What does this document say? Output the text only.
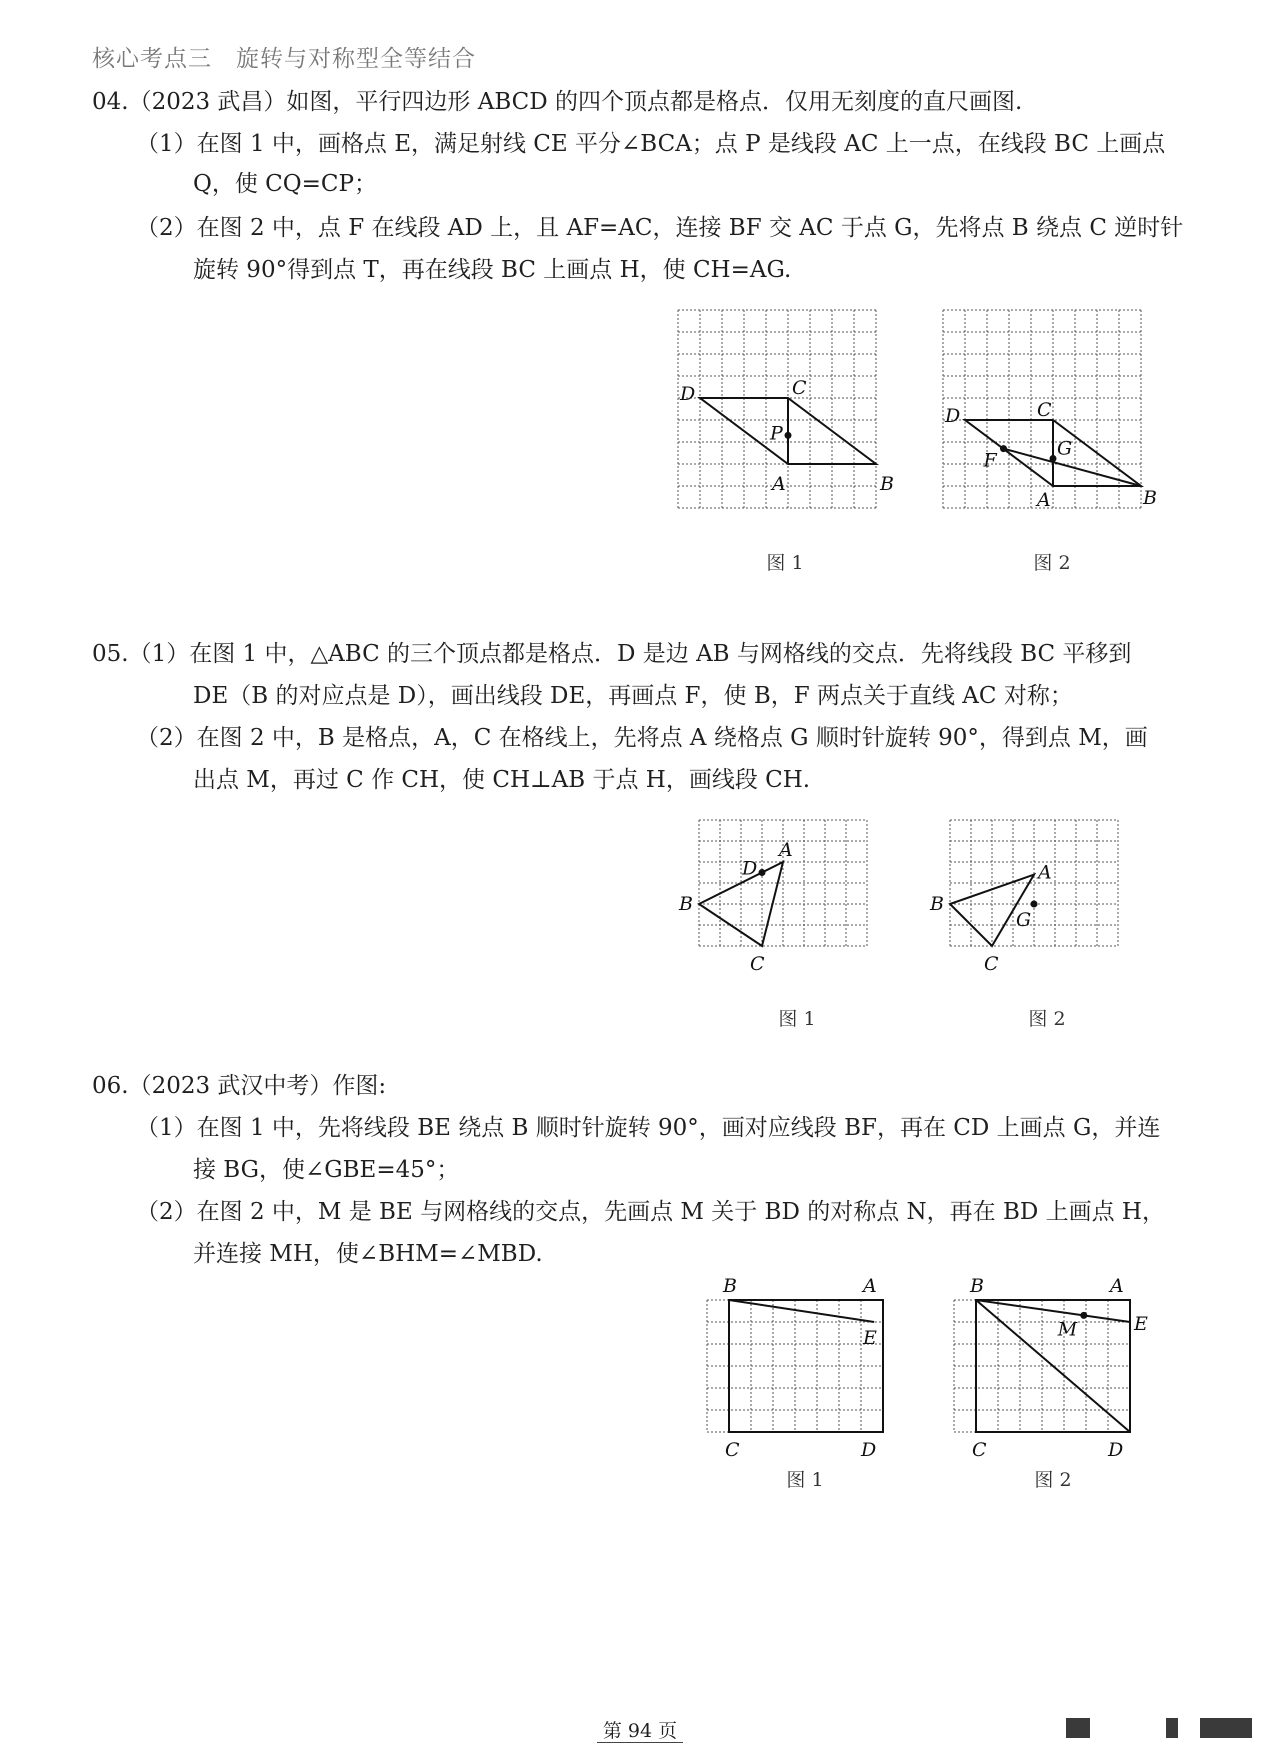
核心考点三　旋转与对称型全等结合
04.（2023 武昌）如图，平行四边形 ABCD 的四个顶点都是格点．仅用无刻度的直尺画图.
（1）在图 1 中，画格点 E，满足射线 CE 平分∠BCA；点 P 是线段 AC 上一点，在线段 BC 上画点
Q，使 CQ=CP；
（2）在图 2 中，点 F 在线段 AD 上，且 AF=AC，连接 BF 交 AC 于点 G，先将点 B 绕点 C 逆时针
旋转 90°得到点 T，再在线段 BC 上画点 H，使 CH=AG.
D	C
P
A	B
图 1
D	C
F
G
A	B
图 2
05.（1）在图 1 中，△ABC 的三个顶点都是格点．D 是边 AB 与网格线的交点．先将线段 BC 平移到
DE（B 的对应点是 D），画出线段 DE，再画点 F，使 B，F 两点关于直线 AC 对称；
（2）在图 2 中，B 是格点，A，C 在格线上，先将点 A 绕格点 G 顺时针旋转 90°，得到点 M，画
出点 M，再过 C 作 CH，使 CH⊥AB 于点 H，画线段 CH.
A
D
B
C
图 1
A
G
B
C
图 2
06.（2023 武汉中考）作图:
（1）在图 1 中，先将线段 BE 绕点 B 顺时针旋转 90°，画对应线段 BF，再在 CD 上画点 G，并连
接 BG，使∠GBE=45°；
（2）在图 2 中，M 是 BE 与网格线的交点，先画点 M 关于 BD 的对称点 N，再在 BD 上画点 H，
并连接 MH，使∠BHM=∠MBD.
B	A
E
C	D
图 1
B	A
M	E
C	D
图 2
第 94 页
